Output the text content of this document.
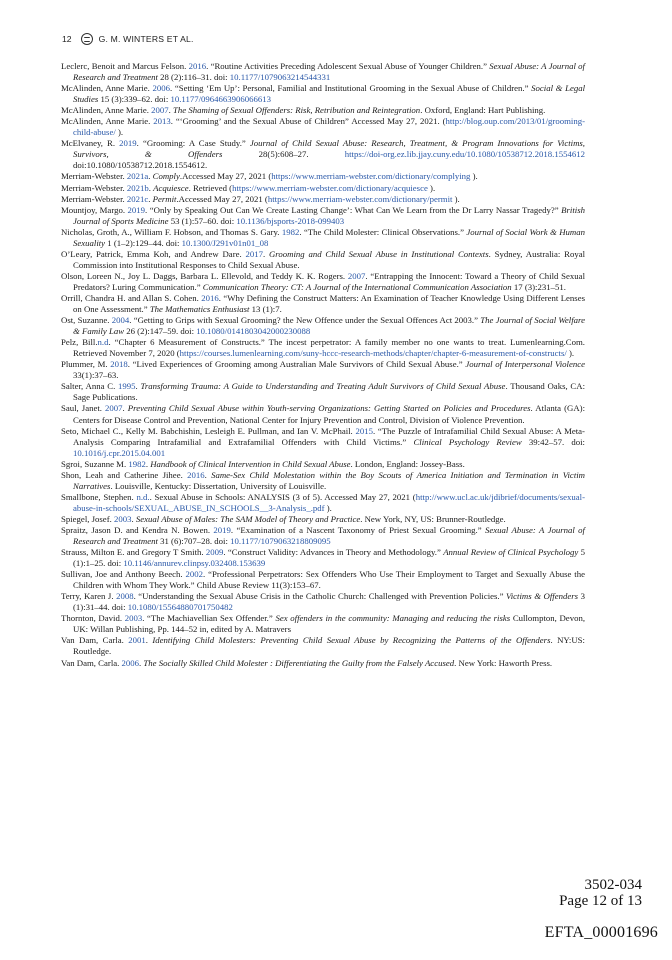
12	G. M. WINTERS ET AL.

Leclerc, Benoit and Marcus Felson. 2016. “Routine Activities Preceding Adolescent Sexual Abuse of Younger Children.” Sexual Abuse: A Journal of Research and Treatment 28 (2):116–31. doi: 10.1177/1079063214544331

McAlinden, Anne Marie. 2006. “Setting ‘Em Up’: Personal, Familial and Institutional Grooming in the Sexual Abuse of Children.” Social & Legal Studies 15 (3):339–62. doi: 10.1177/0964663906066613

McAlinden, Anne Marie. 2007. The Shaming of Sexual Offenders: Risk, Retribution and Reintegration. Oxford, England: Hart Publishing.

McAlinden, Anne Marie. 2013. “‘Grooming’ and the Sexual Abuse of Children” Accessed May 27, 2021. (http://blog.oup.com/2013/01/grooming-child-abuse/ ).

McElvaney, R. 2019. “Grooming: A Case Study.” Journal of Child Sexual Abuse: Research, Treatment, & Program Innovations for Victims, Survivors, & Offenders 28(5):608–27. https://doi-org.ez.lib.jjay.cuny.edu/10.1080/10538712.2018.1554612 doi:10.1080/10538712.2018.1554612.

Merriam-Webster. 2021a. Comply.Accessed May 27, 2021 (https://www.merriam-webster.com/dictionary/complying ).

Merriam-Webster. 2021b. Acquiesce. Retrieved (https://www.merriam-webster.com/dictionary/acquiesce ).

Merriam-Webster. 2021c. Permit.Accessed May 27, 2021 (https://www.merriam-webster.com/dictionary/permit ).

Mountjoy, Margo. 2019. “Only by Speaking Out Can We Create Lasting Change’: What Can We Learn from the Dr Larry Nassar Tragedy?” British Journal of Sports Medicine 53 (1):57–60. doi: 10.1136/bjsports-2018-099403

Nicholas, Groth, A., William F. Hobson, and Thomas S. Gary. 1982. “The Child Molester: Clinical Observations.” Journal of Social Work & Human Sexuality 1 (1–2):129–44. doi: 10.1300/J291v01n01_08

O’Leary, Patrick, Emma Koh, and Andrew Dare. 2017. Grooming and Child Sexual Abuse in Institutional Contexts. Sydney, Australia: Royal Commission into Institutional Responses to Child Sexual Abuse.

Olson, Loreen N., Joy L. Daggs, Barbara L. Ellevold, and Teddy K. K. Rogers. 2007. “Entrapping the Innocent: Toward a Theory of Child Sexual Predators? Luring Communication.” Communication Theory: CT: A Journal of the International Communication Association 17 (3):231–51.

Orrill, Chandra H. and Allan S. Cohen. 2016. “Why Defining the Construct Matters: An Examination of Teacher Knowledge Using Different Lenses on One Assessment.” The Mathematics Enthusiast 13 (1):7.

Ost, Suzanne. 2004. “Getting to Grips with Sexual Grooming? the New Offence under the Sexual Offences Act 2003.” The Journal of Social Welfare & Family Law 26 (2):147–59. doi: 10.1080/0141803042000230088

Pelz, Bill.n.d. “Chapter 6 Measurement of Constructs.” The incest perpetrator: A family member no one wants to treat. Lumenlearning.Com. Retrieved November 7, 2020 (https://courses.lumenlearning.com/suny-hccc-research-methods/chapter/chapter-6-measurement-of-constructs/ ).

Plummer, M. 2018. “Lived Experiences of Grooming among Australian Male Survivors of Child Sexual Abuse.” Journal of Interpersonal Violence 33(1):37–63.

Salter, Anna C. 1995. Transforming Trauma: A Guide to Understanding and Treating Adult Survivors of Child Sexual Abuse. Thousand Oaks, CA: Sage Publications.

Saul, Janet. 2007. Preventing Child Sexual Abuse within Youth-serving Organizations: Getting Started on Policies and Procedures. Atlanta (GA): Centers for Disease Control and Prevention, National Center for Injury Prevention and Control, Division of Violence Prevention.

Seto, Michael C., Kelly M. Babchishin, Lesleigh E. Pullman, and Ian V. McPhail. 2015. “The Puzzle of Intrafamilial Child Sexual Abuse: A Meta-Analysis Comparing Intrafamilial and Extrafamilial Offenders with Child Victims.” Clinical Psychology Review 39:42–57. doi: 10.1016/j.cpr.2015.04.001

Sgroi, Suzanne M. 1982. Handbook of Clinical Intervention in Child Sexual Abuse. London, England: Jossey-Bass.

Shon, Leah and Catherine Jihee. 2016. Same-Sex Child Molestation within the Boy Scouts of America Initiation and Termination in Victim Narratives. Louisville, Kentucky: Dissertation, University of Louisville.

Smallbone, Stephen. n.d.. Sexual Abuse in Schools: ANALYSIS (3 of 5). Accessed May 27, 2021 (http://www.ucl.ac.uk/jdibrief/documents/sexual-abuse-in-schools/SEXUAL_ABUSE_IN_SCHOOLS__3-Analysis_.pdf ).

Spiegel, Josef. 2003. Sexual Abuse of Males: The SAM Model of Theory and Practice. New York, NY, US: Brunner-Routledge.

Spraitz, Jason D. and Kendra N. Bowen. 2019. “Examination of a Nascent Taxonomy of Priest Sexual Grooming.” Sexual Abuse: A Journal of Research and Treatment 31 (6):707–28. doi: 10.1177/1079063218809095

Strauss, Milton E. and Gregory T Smith. 2009. “Construct Validity: Advances in Theory and Methodology.” Annual Review of Clinical Psychology 5 (1):1–25. doi: 10.1146/annurev.clinpsy.032408.153639

Sullivan, Joe and Anthony Beech. 2002. “Professional Perpetrators: Sex Offenders Who Use Their Employment to Target and Sexually Abuse the Children with Whom They Work.” Child Abuse Review 11(3):153–67.

Terry, Karen J. 2008. “Understanding the Sexual Abuse Crisis in the Catholic Church: Challenged with Prevention Policies.” Victims & Offenders 3 (1):31–44. doi: 10.1080/15564880701750482

Thornton, David. 2003. “The Machiavellian Sex Offender.” Sex offenders in the community: Managing and reducing the risks Cullompton, Devon, UK: Willan Publishing, Pp. 144–52 in, edited by A. Matravers

Van Dam, Carla. 2001. Identifying Child Molesters: Preventing Child Sexual Abuse by Recognizing the Patterns of the Offenders. NY:US: Routledge.

Van Dam, Carla. 2006. The Socially Skilled Child Molester : Differentiating the Guilty from the Falsely Accused. New York: Haworth Press.

3502-034
Page 12 of 13
EFTA_00001696
